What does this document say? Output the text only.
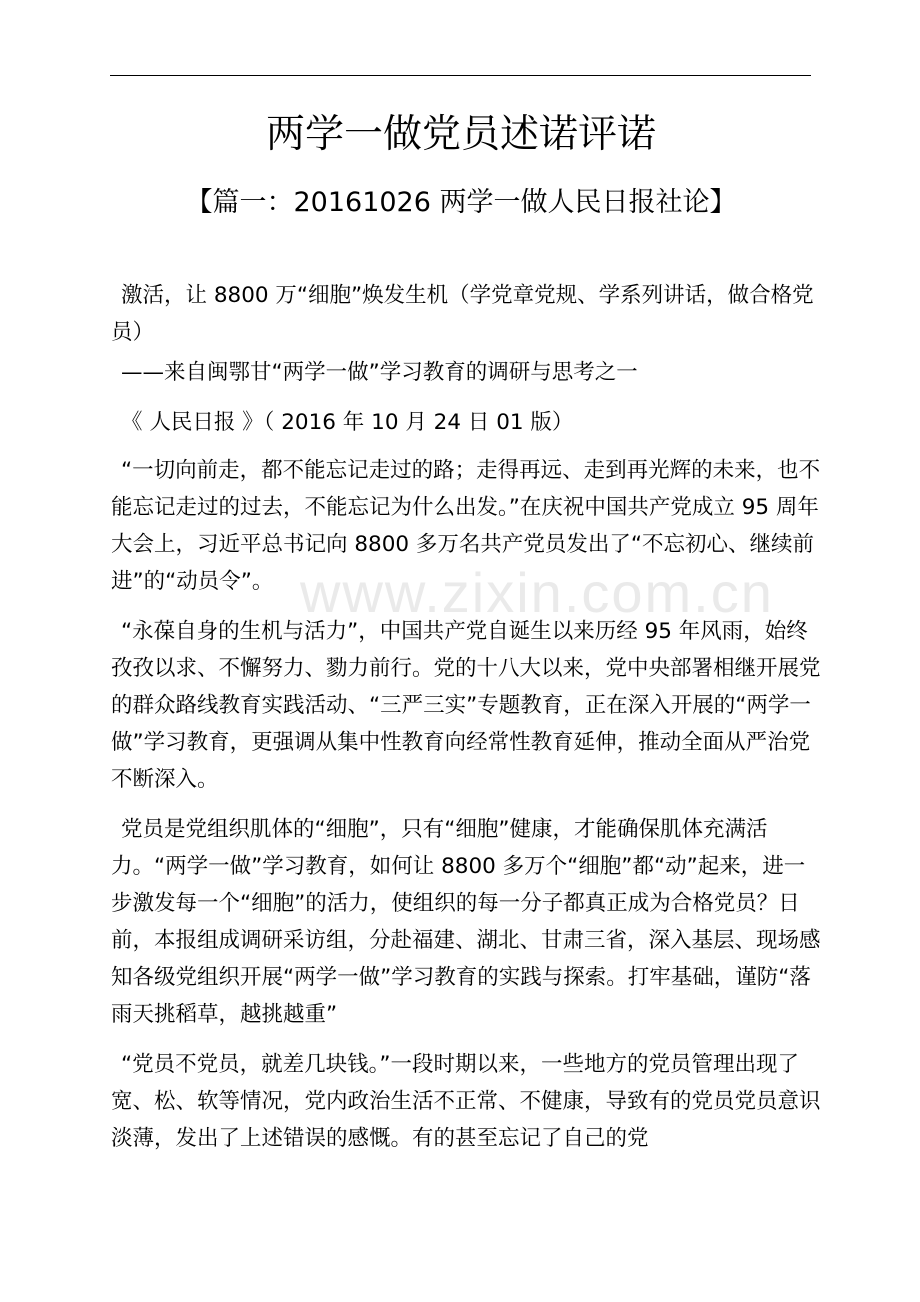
www.zixin.com.cn
两学一做党员述诺评诺
【篇一：20161026 两学一做人民日报社论】

激活，让 8800 万“细胞”焕发生机（学党章党规、学系列讲话，做合格党员）

——来自闽鄂甘“两学一做”学习教育的调研与思考之一

《 人民日报 》（ 2016 年 10 月 24 日 01 版）

“一切向前走，都不能忘记走过的路；走得再远、走到再光辉的未来，也不能忘记走过的过去，不能忘记为什么出发。”在庆祝中国共产党成立 95 周年大会上，习近平总书记向 8800 多万名共产党员发出了“不忘初心、继续前进”的“动员令”。

“永葆自身的生机与活力”，中国共产党自诞生以来历经 95 年风雨，始终孜孜以求、不懈努力、勠力前行。党的十八大以来，党中央部署相继开展党的群众路线教育实践活动、“三严三实”专题教育，正在深入开展的“两学一做”学习教育，更强调从集中性教育向经常性教育延伸，推动全面从严治党不断深入。

党员是党组织肌体的“细胞”，只有“细胞”健康，才能确保肌体充满活力。“两学一做”学习教育，如何让 8800 多万个“细胞”都“动”起来，进一步激发每一个“细胞”的活力，使组织的每一分子都真正成为合格党员？日前，本报组成调研采访组，分赴福建、湖北、甘肃三省，深入基层、现场感知各级党组织开展“两学一做”学习教育的实践与探索。打牢基础，谨防“落雨天挑稻草，越挑越重”

“党员不党员，就差几块钱。”一段时期以来，一些地方的党员管理出现了宽、松、软等情况，党内政治生活不正常、不健康，导致有的党员党员意识淡薄，发出了上述错误的感慨。有的甚至忘记了自己的党
